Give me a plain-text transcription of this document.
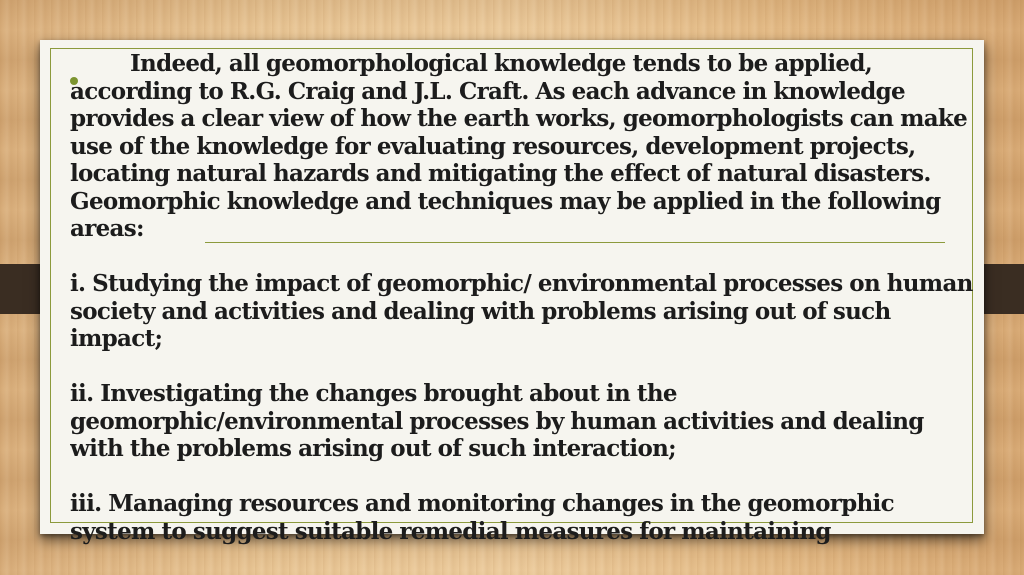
Indeed, all geomorphological knowledge tends to be applied, according to R.G. Craig and J.L. Craft. As each advance in knowledge provides a clear view of how the earth works, geomorphologists can make use of the knowledge for evaluating resources, development projects, locating natural hazards and mitigating the effect of natural disasters.

Geomorphic knowledge and techniques may be applied in the following areas:

i. Studying the impact of geomorphic/ environmental processes on human society and activities and dealing with problems arising out of such impact;

ii. Investigating the changes brought about in the geomorphic/environmental processes by human activities and dealing with the problems arising out of such interaction;

iii. Managing resources and monitoring changes in the geomorphic system to suggest suitable remedial measures for maintaining
